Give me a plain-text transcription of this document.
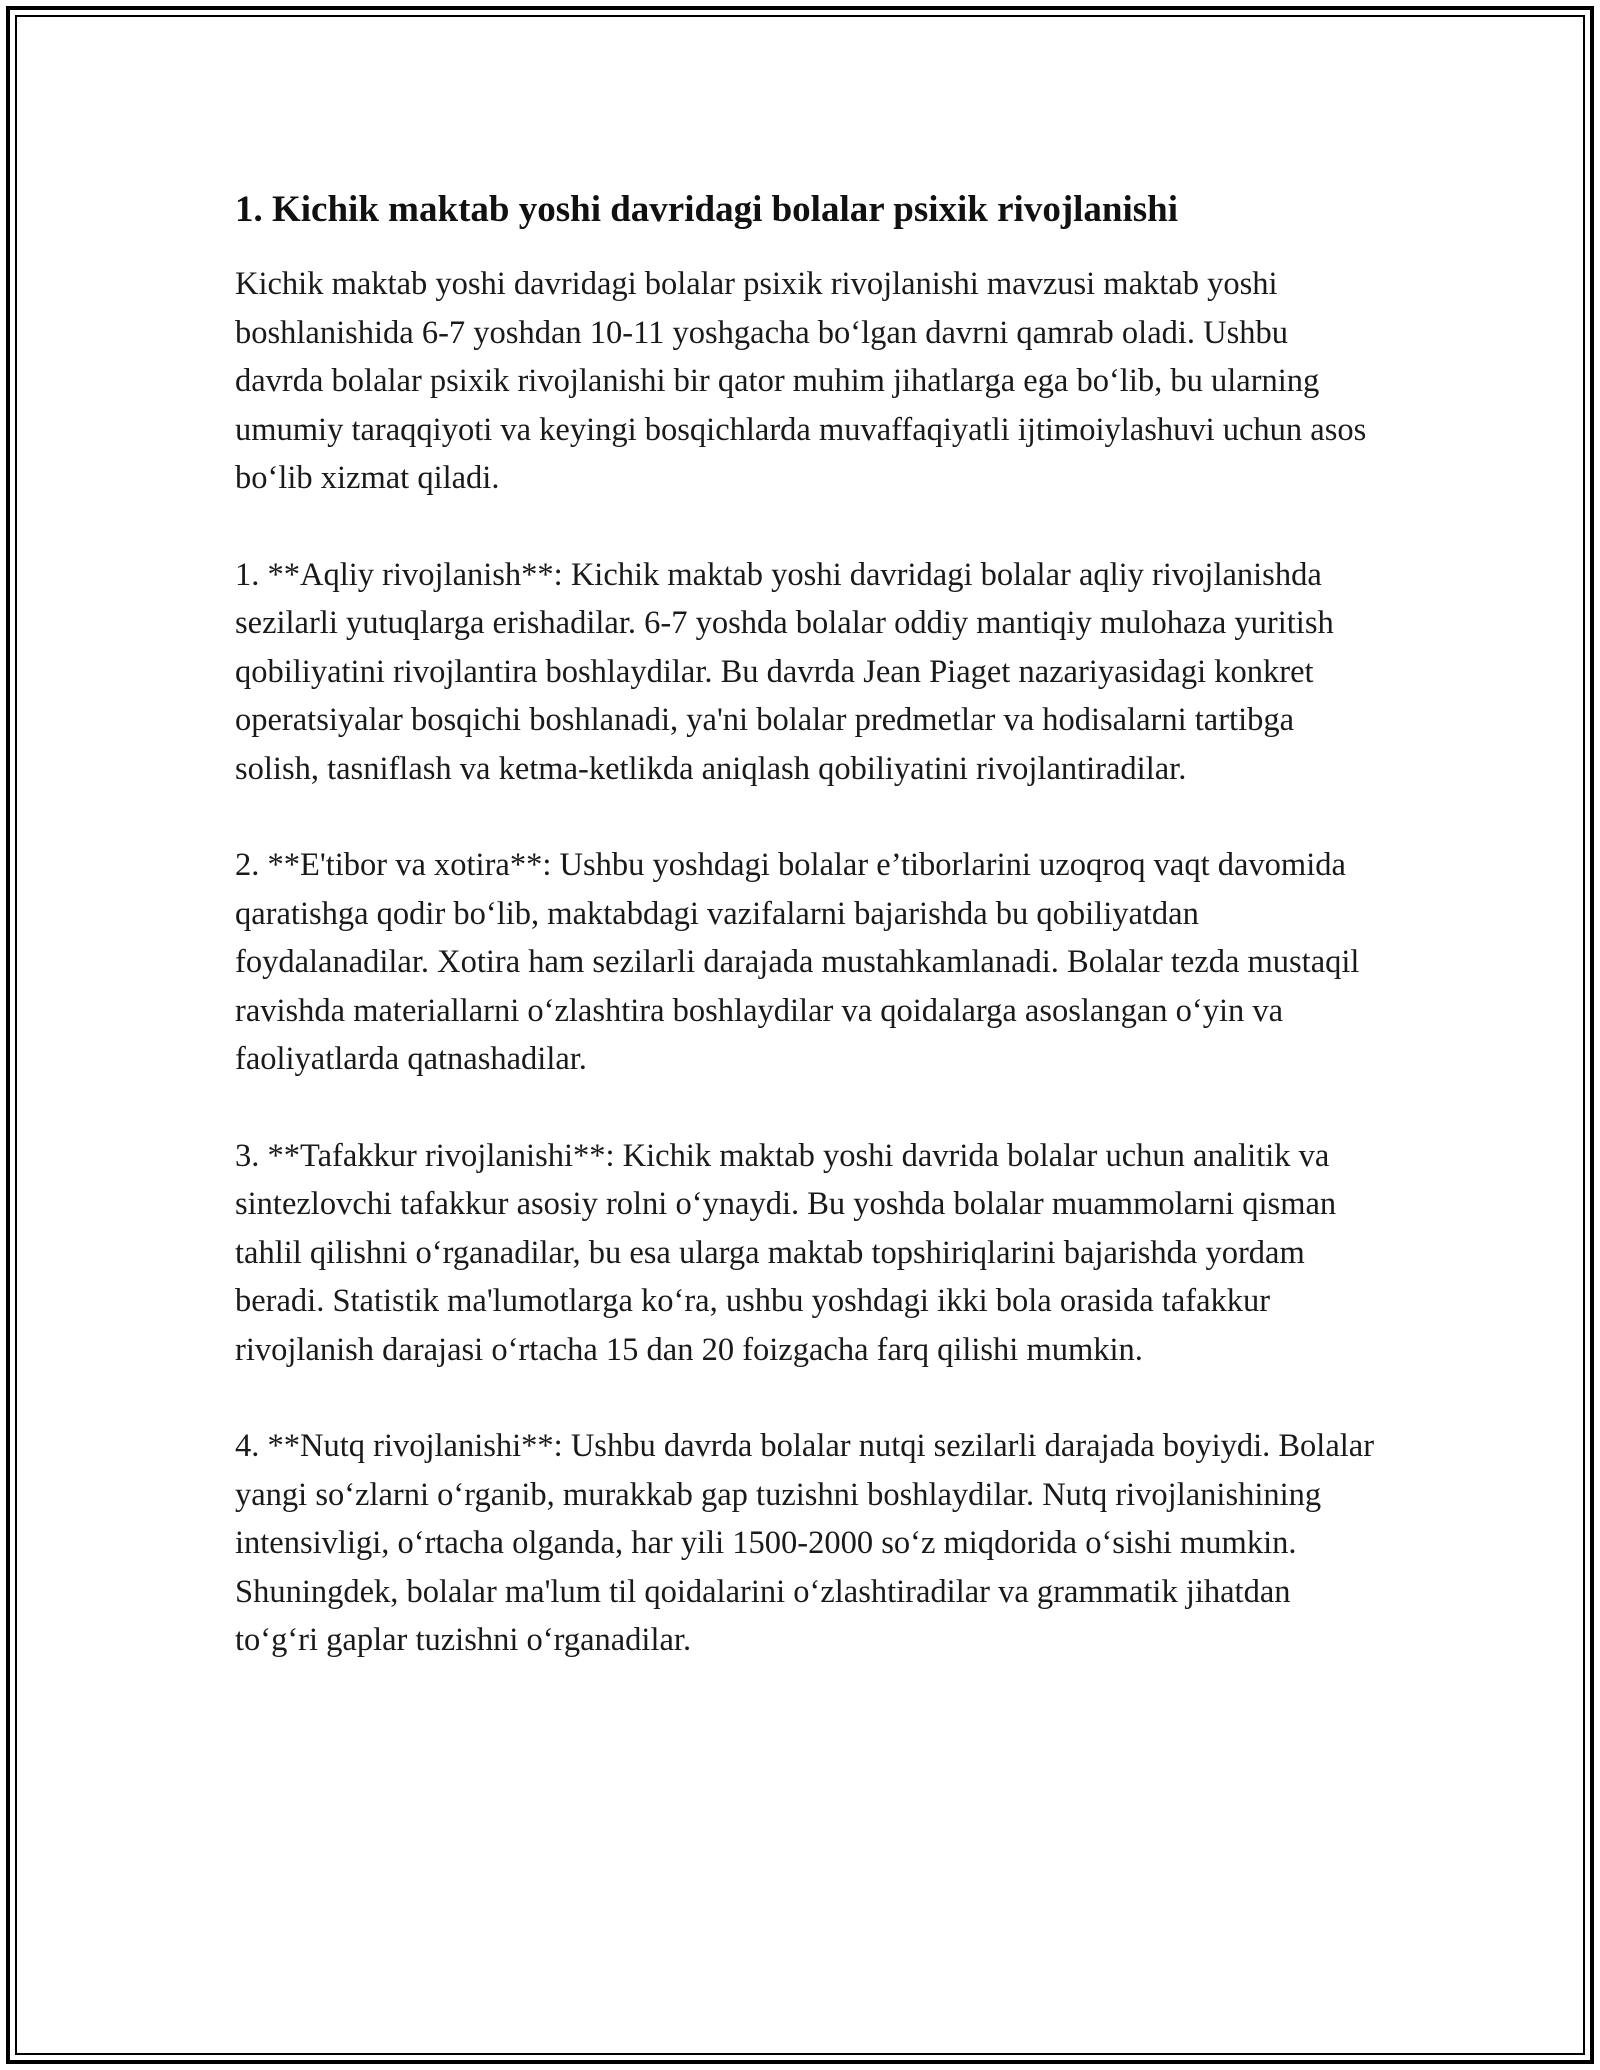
1. Kichik maktab yoshi davridagi bolalar psixik rivojlanishi

Kichik maktab yoshi davridagi bolalar psixik rivojlanishi mavzusi maktab yoshi boshlanishida 6-7 yoshdan 10-11 yoshgacha bo‘lgan davrni qamrab oladi. Ushbu davrda bolalar psixik rivojlanishi bir qator muhim jihatlarga ega bo‘lib, bu ularning umumiy taraqqiyoti va keyingi bosqichlarda muvaffaqiyatli ijtimoiylashuvi uchun asos bo‘lib xizmat qiladi.

1. **Aqliy rivojlanish**: Kichik maktab yoshi davridagi bolalar aqliy rivojlanishda sezilarli yutuqlarga erishadilar. 6-7 yoshda bolalar oddiy mantiqiy mulohaza yuritish qobiliyatini rivojlantira boshlaydilar. Bu davrda Jean Piaget nazariyasidagi konkret operatsiyalar bosqichi boshlanadi, ya'ni bolalar predmetlar va hodisalarni tartibga solish, tasniflash va ketma-ketlikda aniqlash qobiliyatini rivojlantiradilar.

2. **E'tibor va xotira**: Ushbu yoshdagi bolalar e’tiborlarini uzoqroq vaqt davomida qaratishga qodir bo‘lib, maktabdagi vazifalarni bajarishda bu qobiliyatdan foydalanadilar. Xotira ham sezilarli darajada mustahkamlanadi. Bolalar tezda mustaqil ravishda materiallarni o‘zlashtira boshlaydilar va qoidalarga asoslangan o‘yin va faoliyatlarda qatnashadilar.

3. **Tafakkur rivojlanishi**: Kichik maktab yoshi davrida bolalar uchun analitik va sintezlovchi tafakkur asosiy rolni o‘ynaydi. Bu yoshda bolalar muammolarni qisman tahlil qilishni o‘rganadilar, bu esa ularga maktab topshiriqlarini bajarishda yordam beradi. Statistik ma'lumotlarga ko‘ra, ushbu yoshdagi ikki bola orasida tafakkur rivojlanish darajasi o‘rtacha 15 dan 20 foizgacha farq qilishi mumkin.

4. **Nutq rivojlanishi**: Ushbu davrda bolalar nutqi sezilarli darajada boyiydi. Bolalar yangi so‘zlarni o‘rganib, murakkab gap tuzishni boshlaydilar. Nutq rivojlanishining intensivligi, o‘rtacha olganda, har yili 1500-2000 so‘z miqdorida o‘sishi mumkin. Shuningdek, bolalar ma'lum til qoidalarini o‘zlashtiradilar va grammatik jihatdan to‘g‘ri gaplar tuzishni o‘rganadilar.
